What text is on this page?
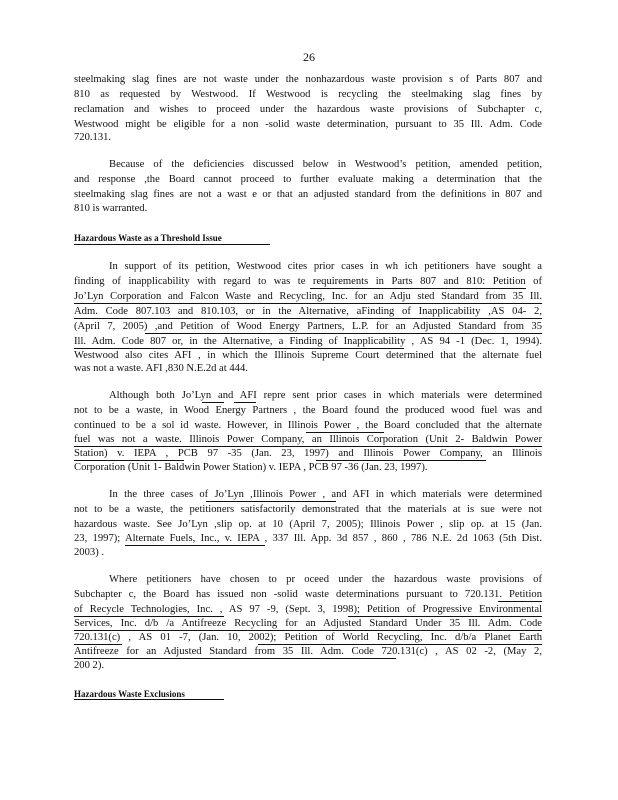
26
steelmaking slag fines are not waste under the nonhazardous waste provision s of Parts 807 and
810 as requested by Westwood. If Westwood is recycling the steelmaking slag fines by
reclamation and wishes to proceed under the hazardous waste provisions of Subchapter c,
Westwood might be eligible for a non -solid waste determination, pursuant to 35 Ill. Adm. Code
720.131.
Because of the deficiencies discussed below in Westwood’s petition, amended petition,
and response ,the Board cannot proceed to further evaluate making a determination that the
steelmaking slag fines are not a wast e or that an adjusted standard from the definitions in 807 and
810 is warranted.
Hazardous Waste as a Threshold Issue
In support of its petition, Westwood cites prior cases in wh ich petitioners have sought a
finding of inapplicability with regard to was te requirements in Parts 807 and 810: Petition of
Jo’Lyn Corporation and Falcon Waste and Recycling, Inc. for an Adju sted Standard from 35 Ill.
Adm. Code 807.103 and 810.103, or in the Alternative, aFinding of Inapplicability ,AS 04- 2,
(April 7, 2005) ,and Petition of Wood Energy Partners, L.P. for an Adjusted Standard from 35
Ill. Adm. Code 807 or, in the Alternative, a Finding of Inapplicability , AS 94 -1 (Dec. 1, 1994).
Westwood also cites AFI , in which the Illinois Supreme Court determined that the alternate fuel
was not a waste. AFI ,830 N.E.2d at 444.
Although both Jo’Lyn and AFI repre sent prior cases in which materials were determined
not to be a waste, in Wood Energy Partners , the Board found the produced wood fuel was and
continued to be a sol id waste. However, in Illinois Power , the Board concluded that the alternate
fuel was not a waste. Illinois Power Company, an Illinois Corporation (Unit 2- Baldwin Power
Station) v. IEPA , PCB 97 -35 (Jan. 23, 1997) and Illinois Power Company, an Illinois
Corporation (Unit 1- Baldwin Power Station) v. IEPA , PCB 97 -36 (Jan. 23, 1997).
In the three cases of Jo’Lyn ,Illinois Power , and AFI in which materials were determined
not to be a waste, the petitioners satisfactorily demonstrated that the materials at is sue were not
hazardous waste. See Jo’Lyn ,slip op. at 10 (April 7, 2005); Illinois Power , slip op. at 15 (Jan.
23, 1997); Alternate Fuels, Inc., v. IEPA , 337 Ill. App. 3d 857 , 860 , 786 N.E. 2d 1063 (5th Dist.
2003) .
Where petitioners have chosen to pr oceed under the hazardous waste provisions of
Subchapter c, the Board has issued non -solid waste determinations pursuant to 720.131. Petition
of Recycle Technologies, Inc. , AS 97 -9, (Sept. 3, 1998); Petition of Progressive Environmental
Services, Inc. d/b /a Antifreeze Recycling for an Adjusted Standard Under 35 Ill. Adm. Code
720.131(c) , AS 01 -7, (Jan. 10, 2002); Petition of World Recycling, Inc. d/b/a Planet Earth
Antifreeze for an Adjusted Standard from 35 Ill. Adm. Code 720.131(c) , AS 02 -2, (May 2,
200 2).
Hazardous Waste Exclusions
